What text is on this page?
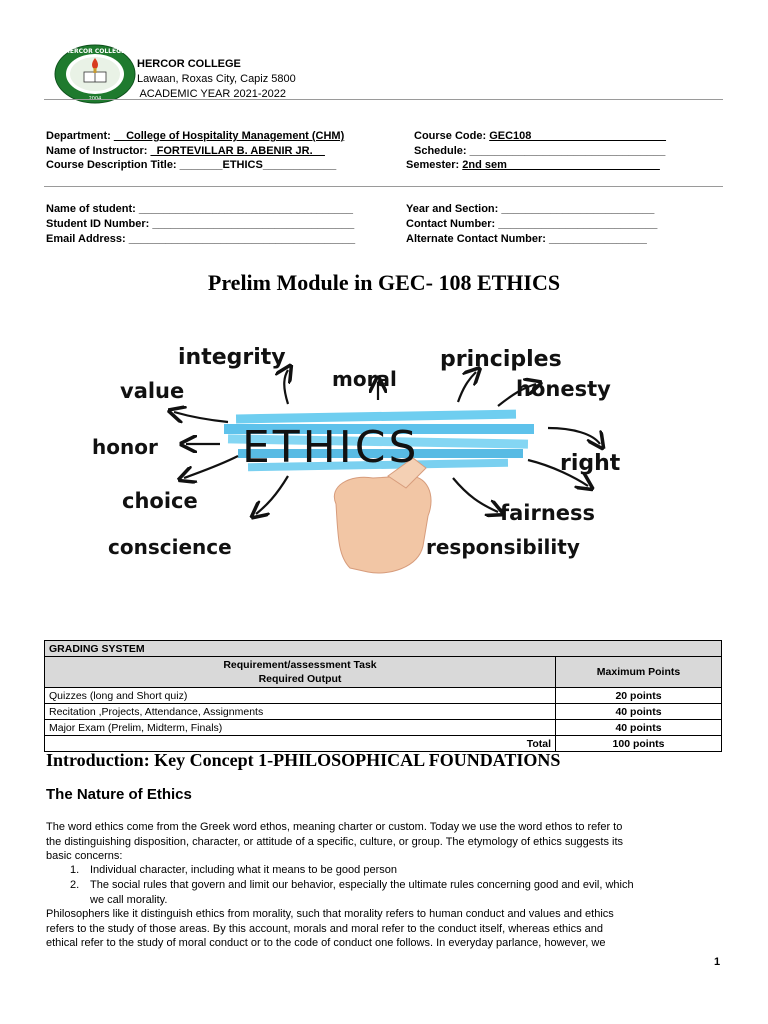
HERCOR COLLEGE
2004
HERCOR COLLEGE
Lawaan, Roxas City, Capiz 5800
ACADEMIC YEAR 2021-2022
Department: __College of Hospitality Management (CHM)
Name of Instructor: _FORTEVILLAR B. ABENIR JR.__
Course Description Title: _______ETHICS____________
Course Code: GEC108______________________
Schedule: ________________________________
Semester: 2nd sem_________________________
Name of student: ___________________________________
Student ID Number: _________________________________
Email Address: _____________________________________
Year and Section: _________________________
Contact Number: __________________________
Alternate Contact Number: ________________
Prelim Module in GEC- 108 ETHICS
integrity	principles
moral
value	honesty
honor
right
choice	fairness
conscience	responsibility
ETHICS
GRADING SYSTEM	
Requirement/assessment Task
Required Output	Maximum Points
Quizzes (long and Short quiz)	20 points
Recitation ,Projects, Attendance, Assignments	40 points
Major Exam (Prelim, Midterm, Finals)	40 points
Total	100 points
Introduction: Key Concept 1-PHILOSOPHICAL FOUNDATIONS
The Nature of Ethics
The word ethics come from the Greek word ethos, meaning charter or custom. Today we use the word ethos to refer to
the distinguishing disposition, character, or attitude of a specific, culture, or group. The etymology of ethics suggests its
basic concerns:
1. Individual character, including what it means to be good person
2. The social rules that govern and limit our behavior, especially the ultimate rules concerning good and evil, which
we call morality.
Philosophers like it distinguish ethics from morality, such that morality refers to human conduct and values and ethics
refers to the study of those areas. By this account, morals and moral refer to the conduct itself, whereas ethics and
ethical refer to the study of moral conduct or to the code of conduct one follows. In everyday parlance, however, we
1
